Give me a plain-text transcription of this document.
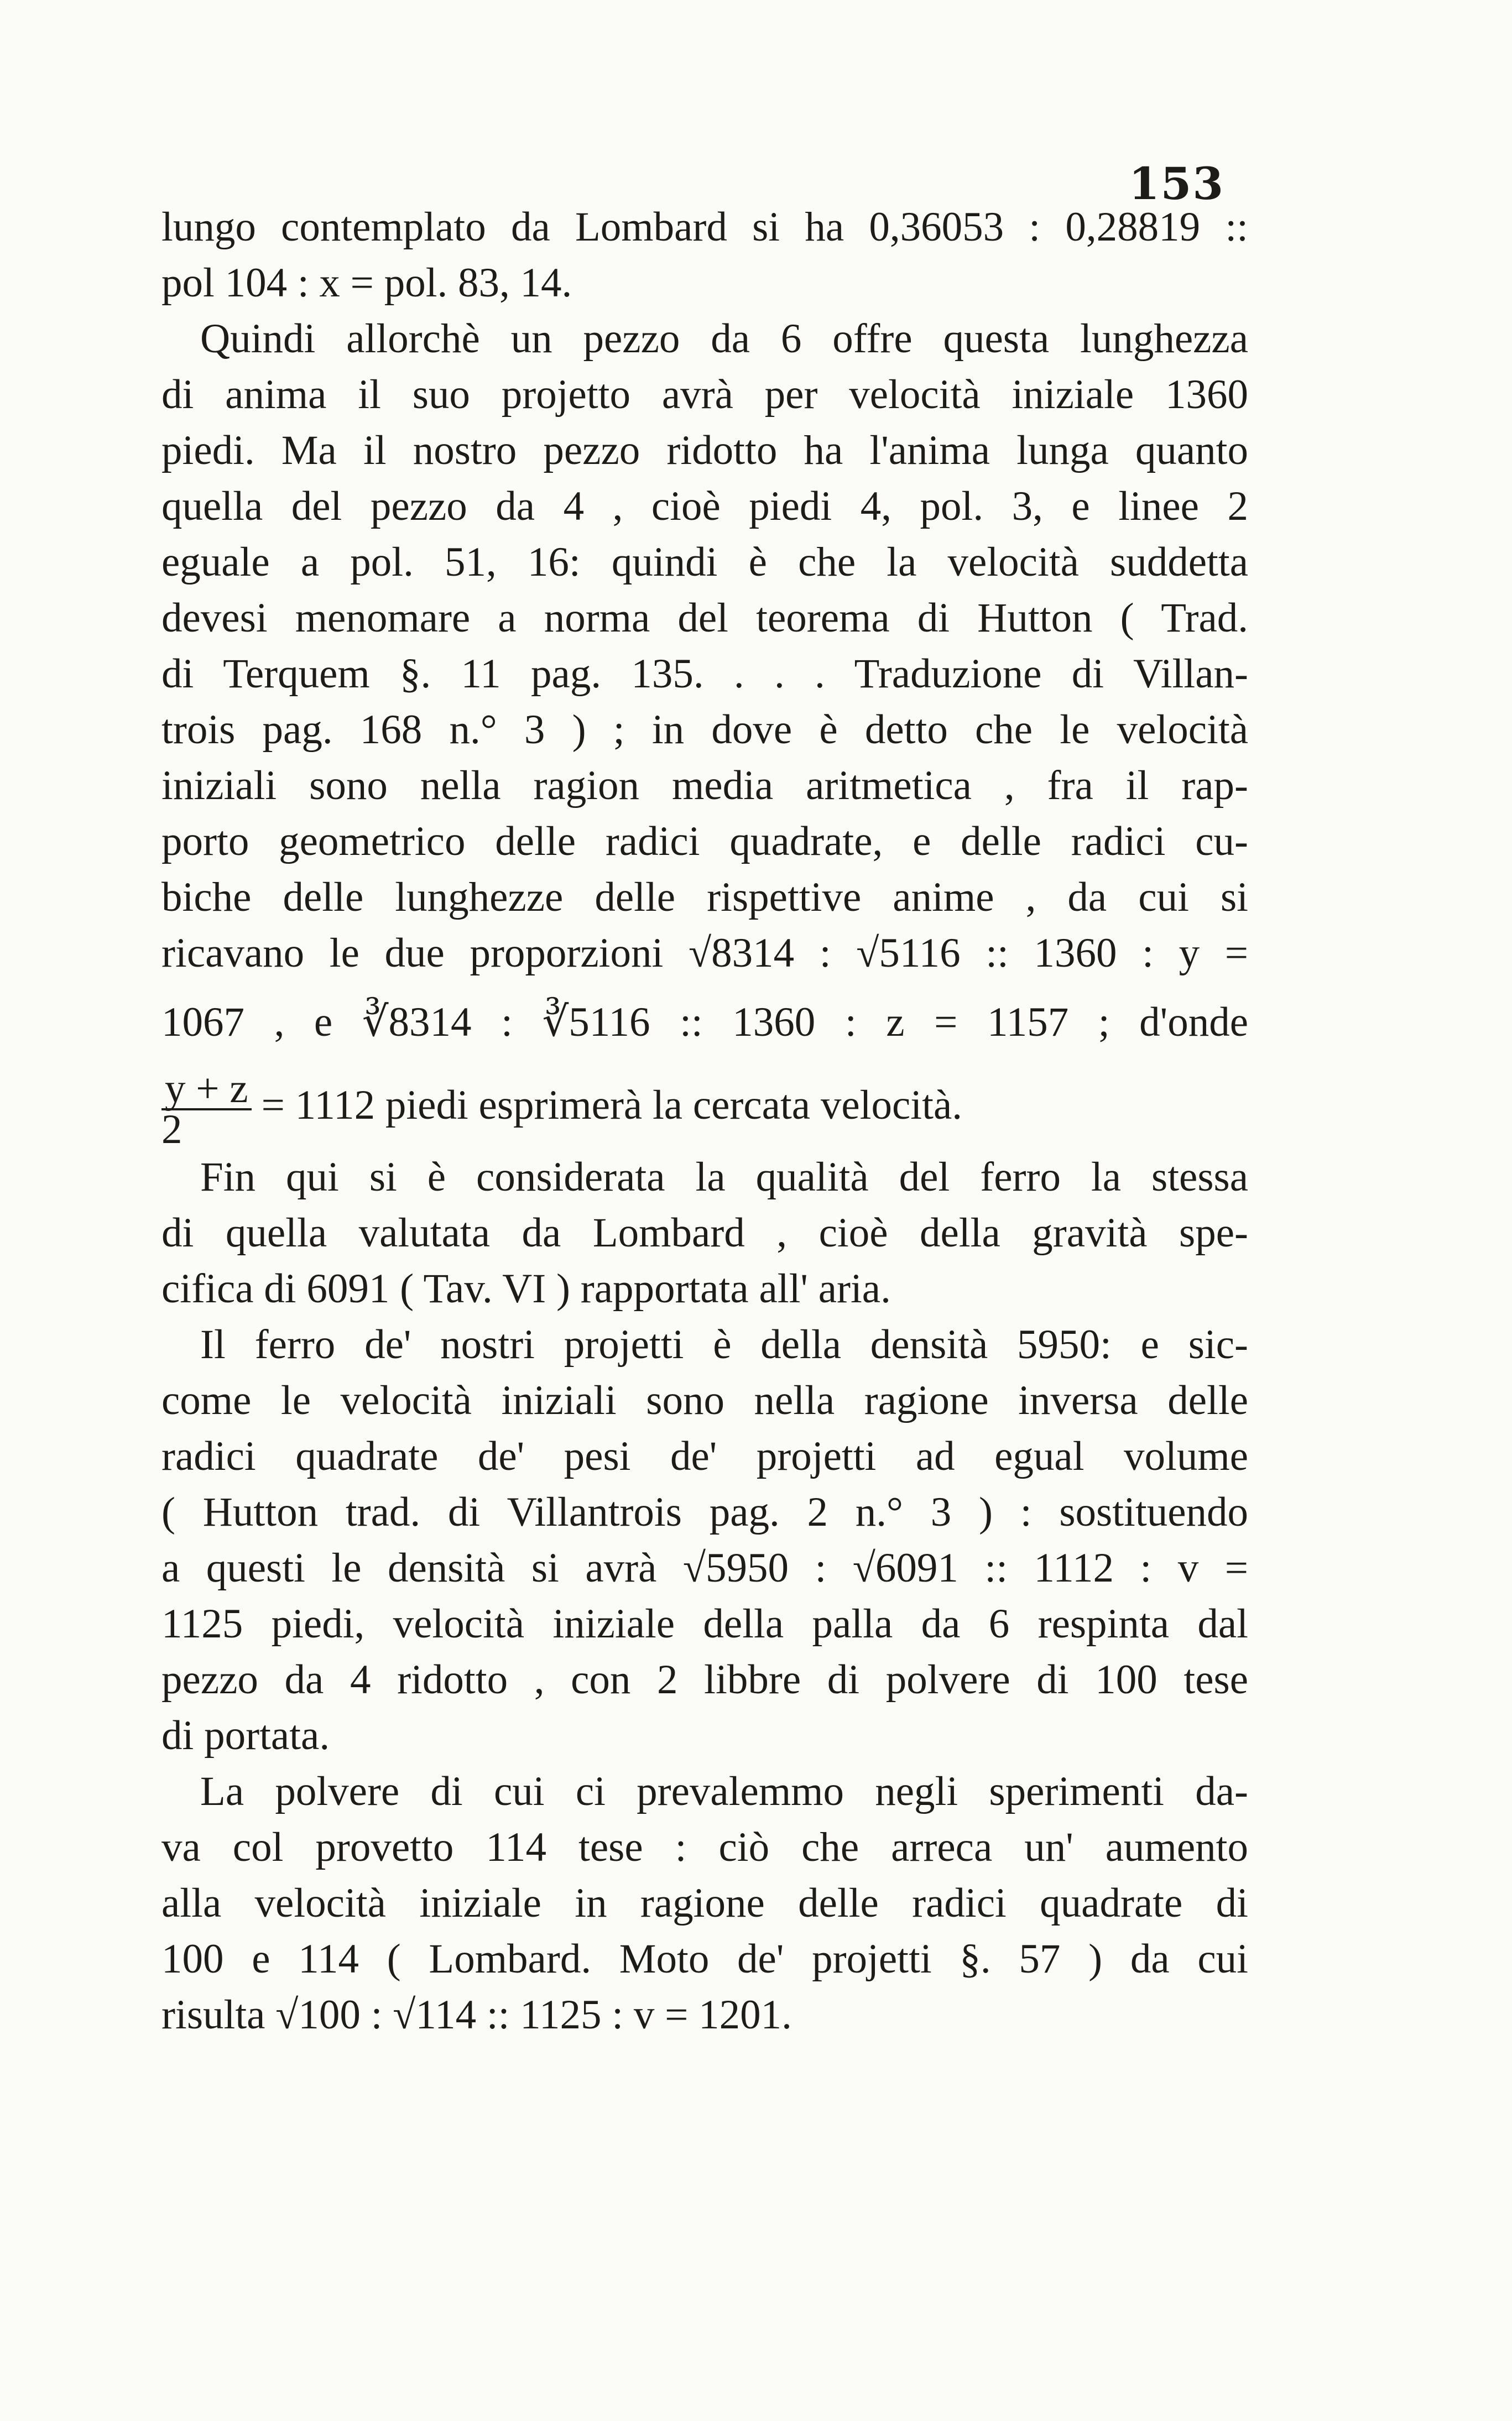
153
lungo contemplato da Lombard si ha 0,36053 : 0,28819 ::
pol 104 : x = pol. 83, 14.
Quindi allorchè un pezzo da 6 offre questa lunghezza
di anima il suo projetto avrà per velocità iniziale 1360
piedi. Ma il nostro pezzo ridotto ha l'anima lunga quanto
quella del pezzo da 4 , cioè piedi 4, pol. 3, e linee 2
eguale a pol. 51, 16: quindi è che la velocità suddetta
devesi menomare a norma del teorema di Hutton ( Trad.
di Terquem §. 11 pag. 135. . . . Traduzione di Villan-
trois pag. 168 n.° 3 ) ; in dove è detto che le velocità
iniziali sono nella ragion media aritmetica , fra il rap-
porto geometrico delle radici quadrate, e delle radici cu-
biche delle lunghezze delle rispettive anime , da cui si
ricavano le due proporzioni √8314 : √5116 :: 1360 : y =
1067 , e ∛8314 : ∛5116 :: 1360 : z = 1157 ; d'onde
$\frac{y + z}{2} = 1112$ piedi esprimerà la cercata velocità.
Fin qui si è considerata la qualità del ferro la stessa
di quella valutata da Lombard , cioè della gravità spe-
cifica di 6091 ( Tav. VI ) rapportata all' aria.
Il ferro de' nostri projetti è della densità 5950: e sic-
come le velocità iniziali sono nella ragione inversa delle
radici quadrate de' pesi de' projetti ad egual volume
( Hutton trad. di Villantrois pag. 2 n.° 3 ) : sostituendo
a questi le densità si avrà √5950 : √6091 :: 1112 : v =
1125 piedi, velocità iniziale della palla da 6 respinta dal
pezzo da 4 ridotto , con 2 libbre di polvere di 100 tese
di portata.
La polvere di cui ci prevalemmo negli sperimenti da-
va col provetto 114 tese : ciò che arreca un' aumento
alla velocità iniziale in ragione delle radici quadrate di
100 e 114 ( Lombard. Moto de' projetti §. 57 ) da cui
risulta √100 : √114 :: 1125 : v = 1201.
